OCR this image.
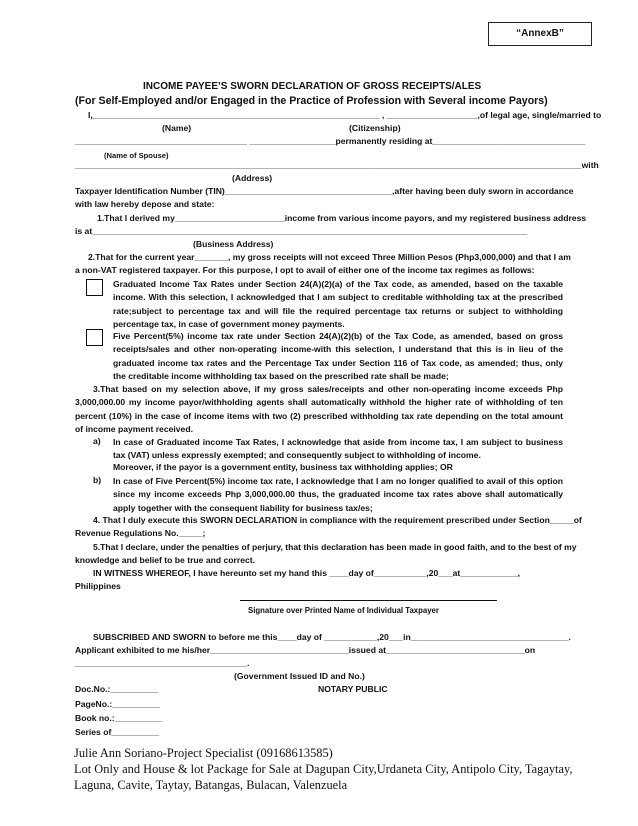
“AnnexB”
INCOME PAYEE’S SWORN DECLARATION OF GROSS RECEIPTS/ALES
(For Self-Employed and/or Engaged in the Practice of Profession with Several income Payors)
I,____________________________________________________________ , ___________________,of legal age, single/married to
(Name)	(Citizenship)
____________________________________ __________________permanently residing at________________________________
(Name of Spouse)
__________________________________________________________________________________________________________with
(Address)
Taxpayer Identification Number (TIN)___________________________________,after having been duly sworn in accordance
with law hereby depose and state:
1.That I derived my_______________________income from various income payors, and my registered business address
is at___________________________________________________________________________________________
(Business Address)
2.That for the current year_______, my gross receipts will not exceed Three Million Pesos (Php3,000,000) and that I am
a non-VAT registered taxpayer. For this purpose, I opt to avail of either one of the income tax regimes as follows:
Graduated Income Tax Rates under Section 24(A)(2)(a) of the Tax code, as amended, based on the taxable income. With this selection, I acknowledged that I am subject to creditable withholding tax at the prescribed rate;subject to percentage tax and will file the required percentage tax returns or subject to withholding percentage tax, in case of government money payments.
Five Percent(5%) income tax rate under Section 24(A)(2)(b) of the Tax Code, as amended, based on gross receipts/sales and other non-operating income-with this selection, I understand that this is in lieu of the graduated income tax rates and the Percentage Tax under Section 116 of Tax code, as amended; thus, only the creditable income withholding tax based on the prescribed rate shall be made;
3.That based on my selection above, if my gross sales/receipts and other non-operating income exceeds Php 3,000,000.00 my income payor/withholding agents shall automatically withhold the higher rate of withholding of ten percent (10%) in the case of income items with two (2) prescribed withholding tax rate depending on the total amount of income payment received.
a) In case of Graduated income Tax Rates, I acknowledge that aside from income tax, I am subject to business tax (VAT) unless expressly exempted; and consequently subject to withholding of income.
Moreover, if the payor is a government entity, business tax withholding applies; OR
b) In case of Five Percent(5%) income tax rate, I acknowledge that I am no longer qualified to avail of this option since my income exceeds Php 3,000,000.00 thus, the graduated income tax rates above shall automatically apply together with the consequent liability for business tax/es;
4. That I duly execute this SWORN DECLARATION in compliance with the requirement prescribed under Section_____of
Revenue Regulations No._____;
5.That I declare, under the penalties of perjury, that this declaration has been made in good faith, and to the best of my
knowledge and belief to be true and correct.
IN WITNESS WHEREOF, I have hereunto set my hand this ____day of___________,20___at____________,
Philippines
Signature over Printed Name of Individual Taxpayer
SUBSCRIBED AND SWORN to before me this____day of ___________,20___in_________________________________.
Applicant exhibited to me his/her_____________________________issued at_____________________________on
____________________________________.
(Government Issued ID and No.)
NOTARY PUBLIC
Doc.No.:__________
PageNo.:__________
Book no.:__________
Series of__________
Julie Ann Soriano-Project Specialist (09168613585)
Lot Only and House & lot Package for Sale at Dagupan City,Urdaneta City, Antipolo City, Tagaytay,
Laguna, Cavite, Taytay, Batangas, Bulacan, Valenzuela
